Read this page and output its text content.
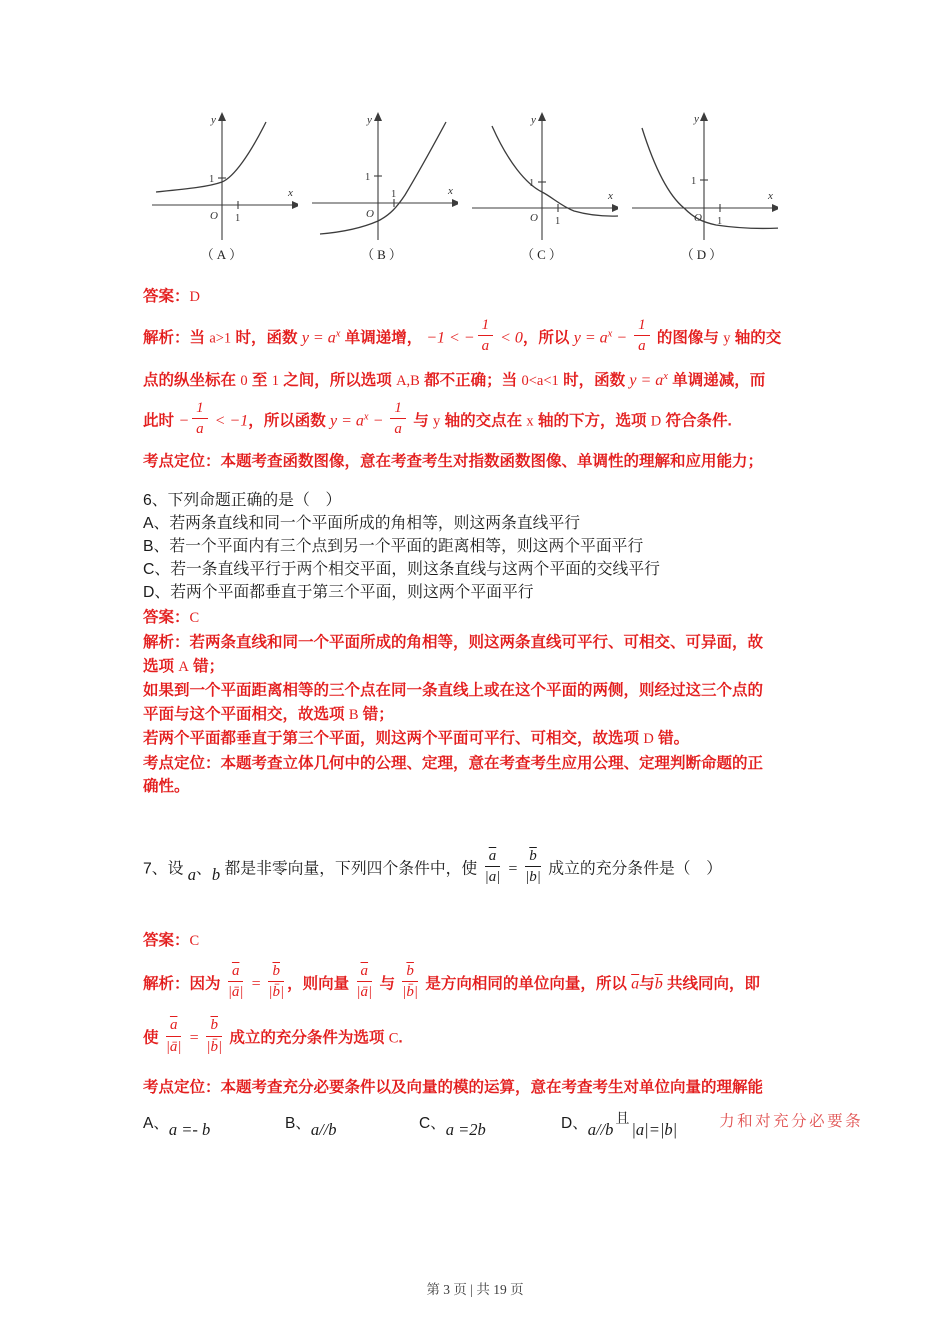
1
1
O
x
y
（A）
1
1
O
x
y
（B）
1
1
O
x
y
（C）
1
1
O
x
y
（D）

答案：D

解析：当 a>1 时，函数 $y = a^x$ 单调递增， −1 < − $\frac{1}{a} < 0$，所以 $y = a^x - \frac{1}{a}$ 的图像与 y 轴的交

点的纵坐标在 0 至 1 之间，所以选项 A,B 都不正确；当 0<a<1 时，函数 $y = a^x$ 单调递减，而

此时 − $\frac{1}{a} < -1$，所以函数 $y = a^x - \frac{1}{a}$ 与 y 轴的交点在 x 轴的下方，选项 D 符合条件.

考点定位：本题考查函数图像，意在考查考生对指数函数图像、单调性的理解和应用能力；

6、下列命题正确的是（　）

A、若两条直线和同一个平面所成的角相等，则这两条直线平行

B、若一个平面内有三个点到另一个平面的距离相等，则这两个平面平行

C、若一条直线平行于两个相交平面，则这条直线与这两个平面的交线平行

D、若两个平面都垂直于第三个平面，则这两个平面平行

答案：C

解析：若两条直线和同一个平面所成的角相等，则这两条直线可平行、可相交、可异面，故

选项 A 错；

如果到一个平面距离相等的三个点在同一条直线上或在这个平面的两侧，则经过这三个点的

平面与这个平面相交，故选项 B 错；

若两个平面都垂直于第三个平面，则这两个平面可平行、可相交，故选项 D 错。

考点定位：本题考查立体几何中的公理、定理，意在考查考生应用公理、定理判断命题的正

确性。

7、设 a、b 都是非零向量，下列四个条件中，使 $\frac{\overline{a}}{|a|} = \frac{\overline{b}}{|b|}$ 成立的充分条件是（　）

答案：C

解析：因为 $\frac{\overline{a}}{|ā|} = \frac{\overline{b}}{|b̄|}$ ，则向量 $\frac{\overline{a}}{|ā|}$ 与 $\frac{\overline{b}}{|b̄|}$ 是方向相同的单位向量，所以 $\overline{a}$与$\overline{b}$ 共线同向，即

使 $\frac{\overline{a}}{|ā|} = \frac{\overline{b}}{|b̄|}$ 成立的充分条件为选项 C.

考点定位：本题考查充分必要条件以及向量的模的运算，意在考查考生对单位向量的理解能

A、a =- b	B、a//b	C、a =2b	D、a//b且|a|=|b|	力和对充分必要条
第 3 页 | 共 19 页
